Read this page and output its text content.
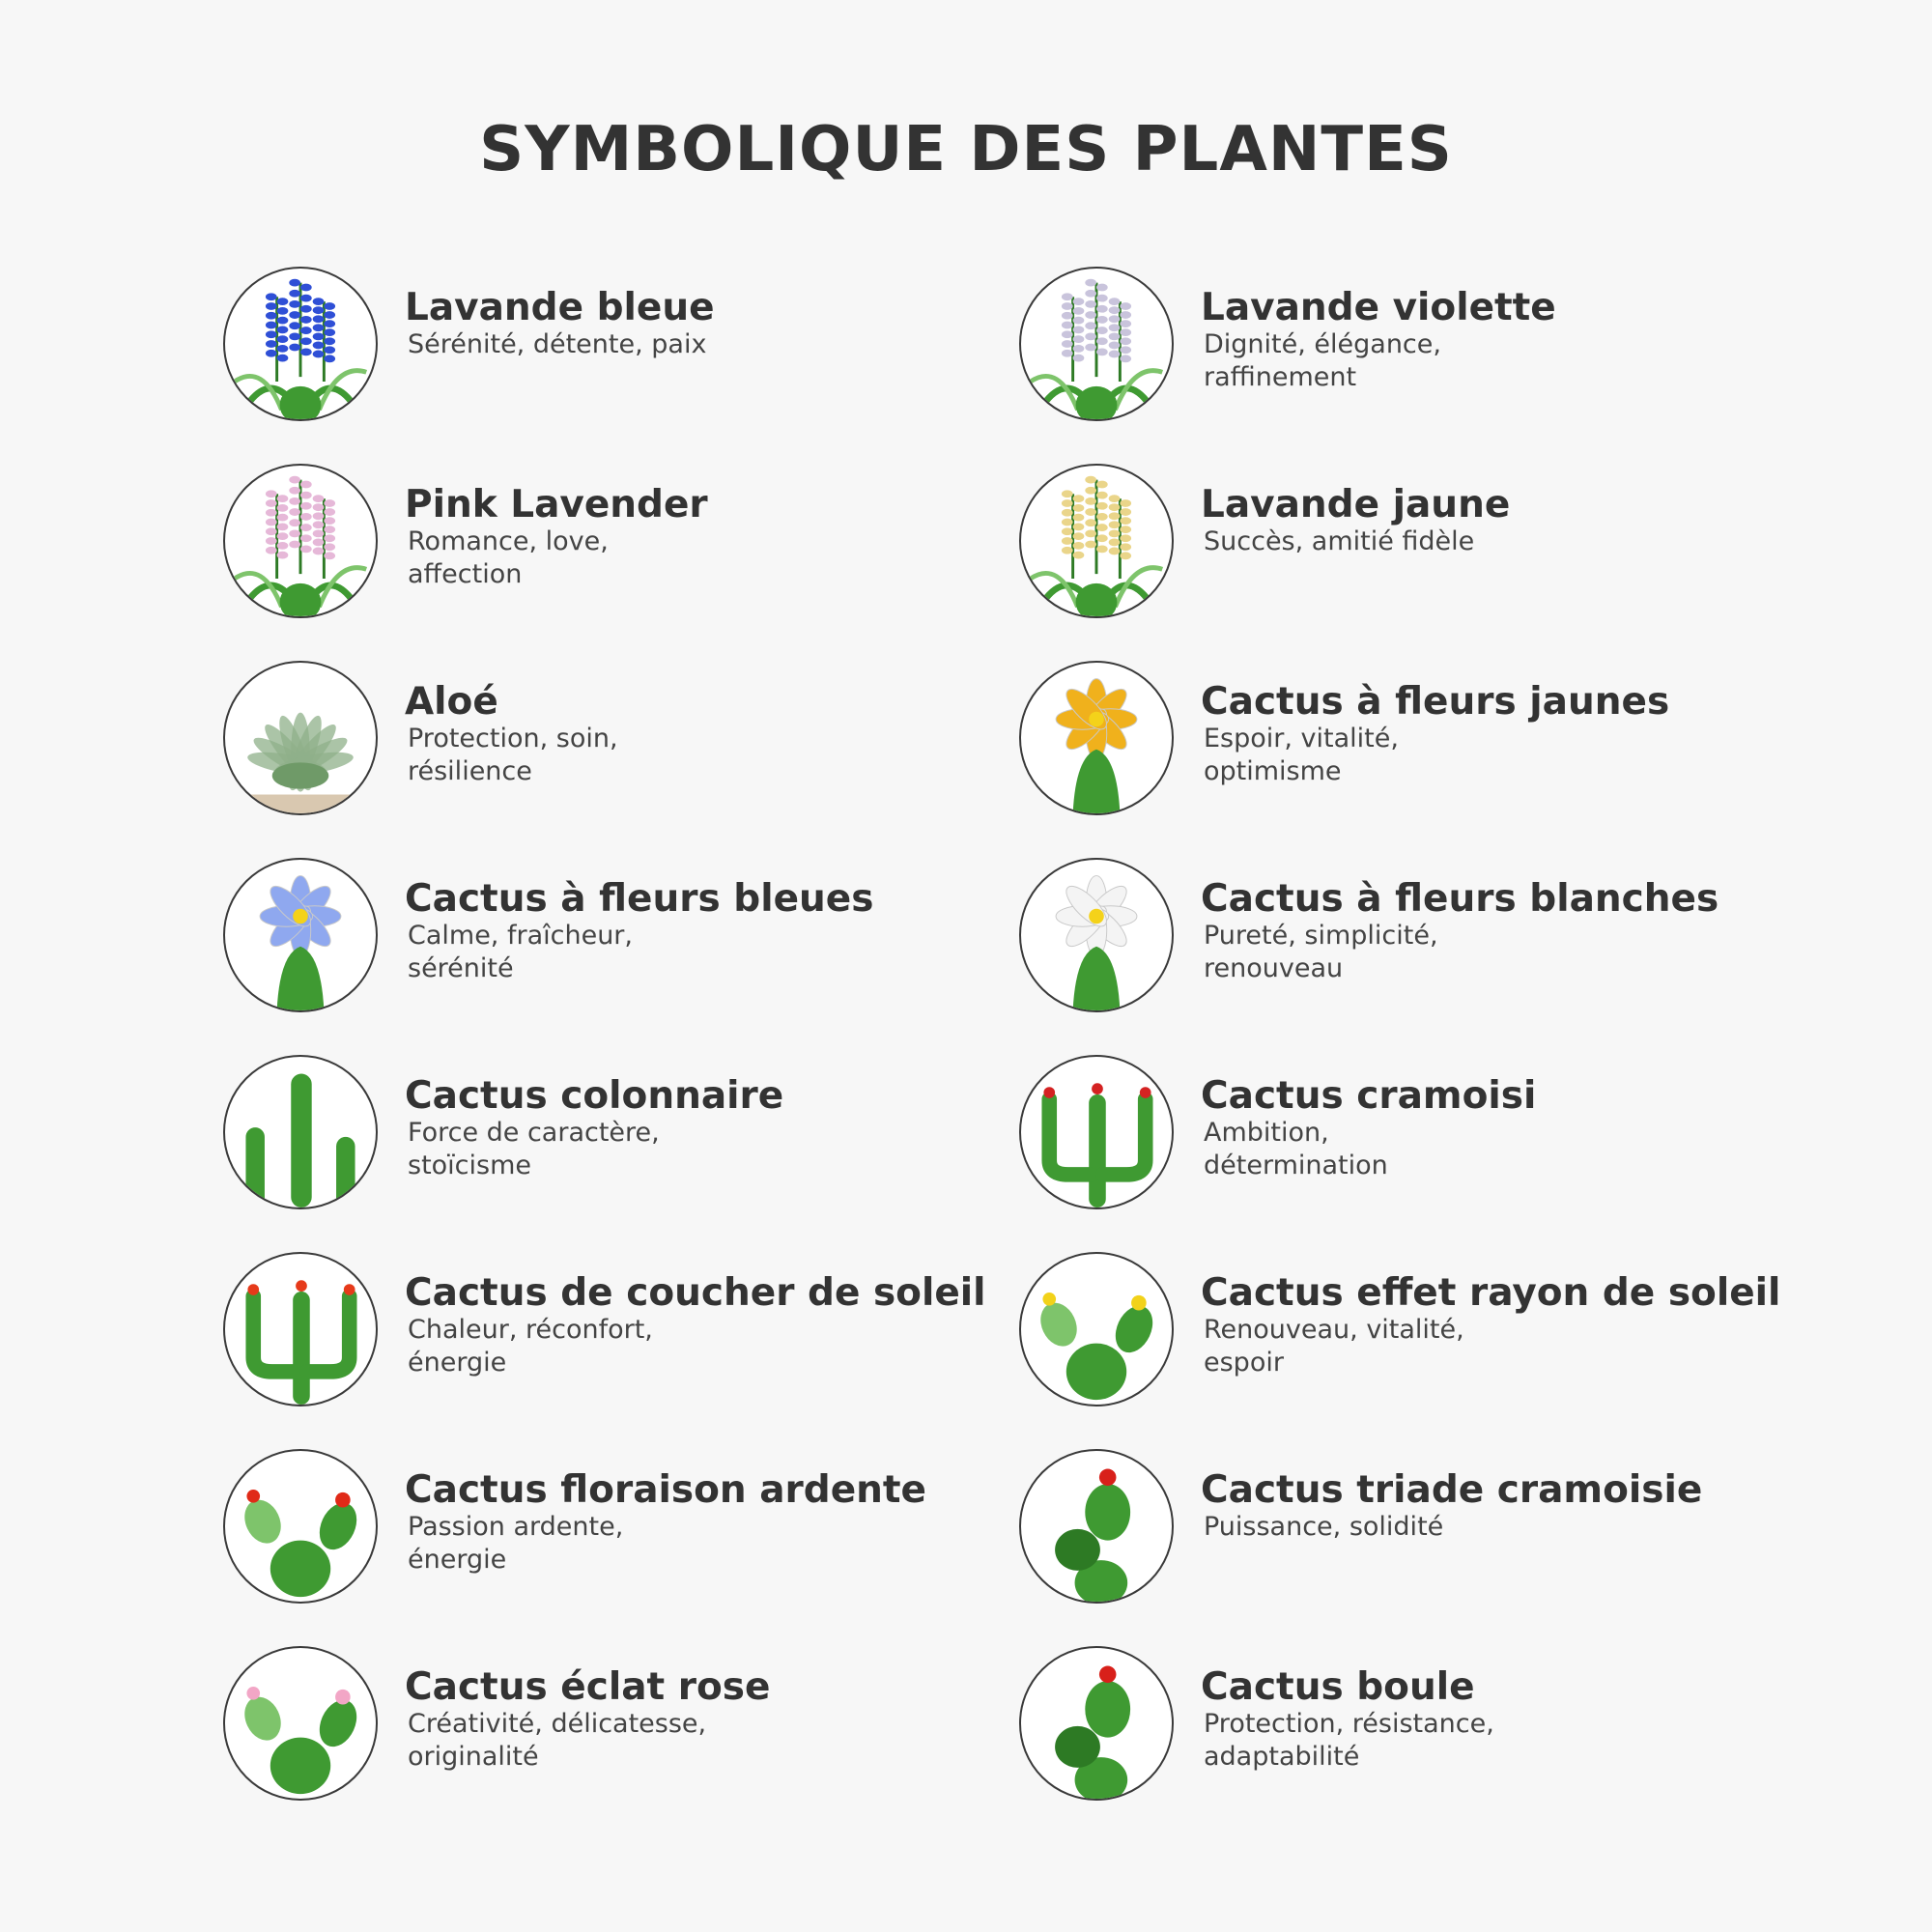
SYMBOLIQUE DES PLANTES
Lavande bleue
Sérénité, détente, paix
Lavande violette
Dignité, élégance, raffinement
Pink Lavender
Romance, love, affection
Lavande jaune
Succès, amitié fidèle
Aloé
Protection, soin, résilience
Cactus à fleurs jaunes
Espoir, vitalité, optimisme
Cactus à fleurs bleues
Calme, fraîcheur, sérénité
Cactus à fleurs blanches
Pureté, simplicité, renouveau
Cactus colonnaire
Force de caractère, stoïcisme
Cactus cramoisi
Ambition, détermination
Cactus de coucher de soleil
Chaleur, réconfort, énergie
Cactus effet rayon de soleil
Renouveau, vitalité, espoir
Cactus floraison ardente
Passion ardente, énergie
Cactus triade cramoisie
Puissance, solidité
Cactus éclat rose
Créativité, délicatesse, originalité
Cactus boule
Protection, résistance, adaptabilité
